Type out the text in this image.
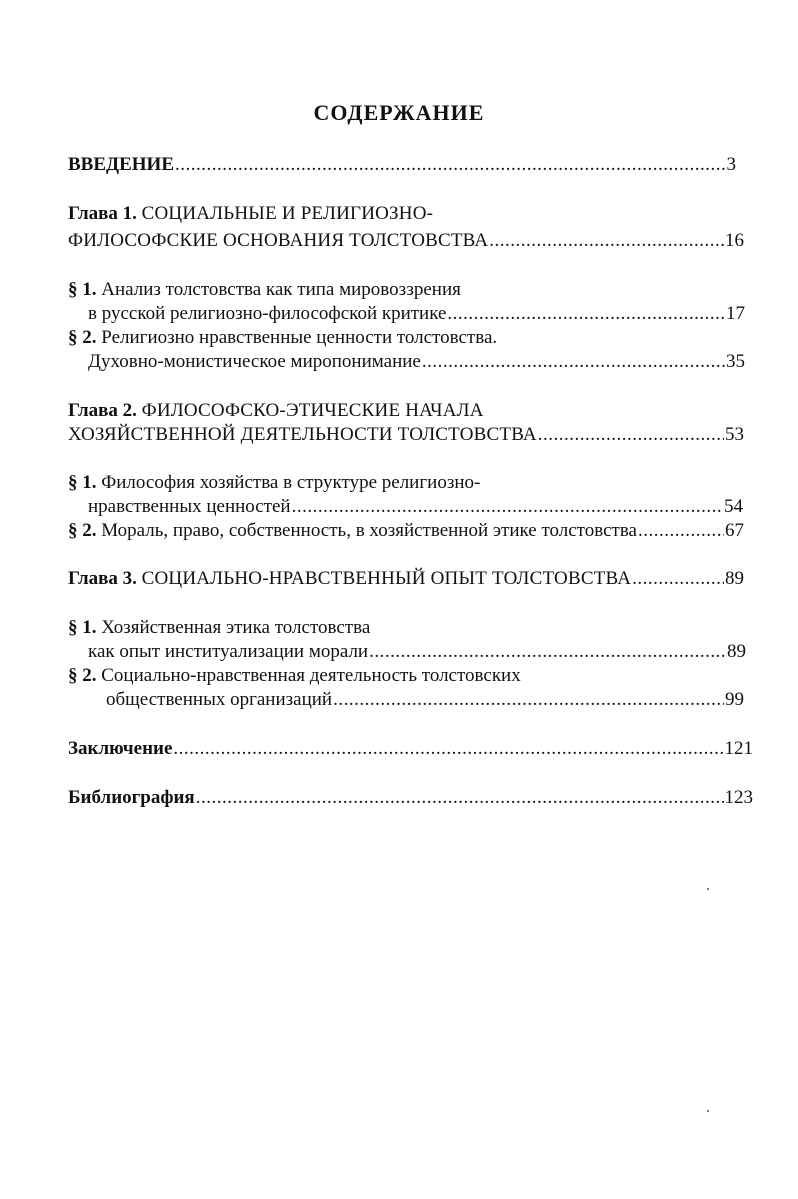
СОДЕРЖАНИЕ
ВВЕДЕНИЕ .....	3
Глава 1. СОЦИАЛЬНЫЕ И РЕЛИГИОЗНО-
ФИЛОСОФСКИЕ ОСНОВАНИЯ ТОЛСТОВСТВА .....	16
§ 1. Анализ толстовства как типа мировоззрения
в русской религиозно-философской критике .....	17
§ 2. Религиозно нравственные ценности толстовства.
Духовно-монистическое миропонимание .....	35
Глава 2. ФИЛОСОФСКО-ЭТИЧЕСКИЕ НАЧАЛА
ХОЗЯЙСТВЕННОЙ ДЕЯТЕЛЬНОСТИ ТОЛСТОВСТВА .....	53
§ 1. Философия хозяйства в структуре религиозно-
нравственных ценностей .....	54
§ 2. Мораль, право, собственность, в хозяйственной этике толстовства .....	67
Глава 3. СОЦИАЛЬНО-НРАВСТВЕННЫЙ ОПЫТ ТОЛСТОВСТВА .....	89
§ 1. Хозяйственная этика толстовства
как опыт институализации морали .....	89
§ 2. Социально-нравственная деятельность толстовских
общественных организаций .....	99
Заключение .....	121
Библиография .....	123
